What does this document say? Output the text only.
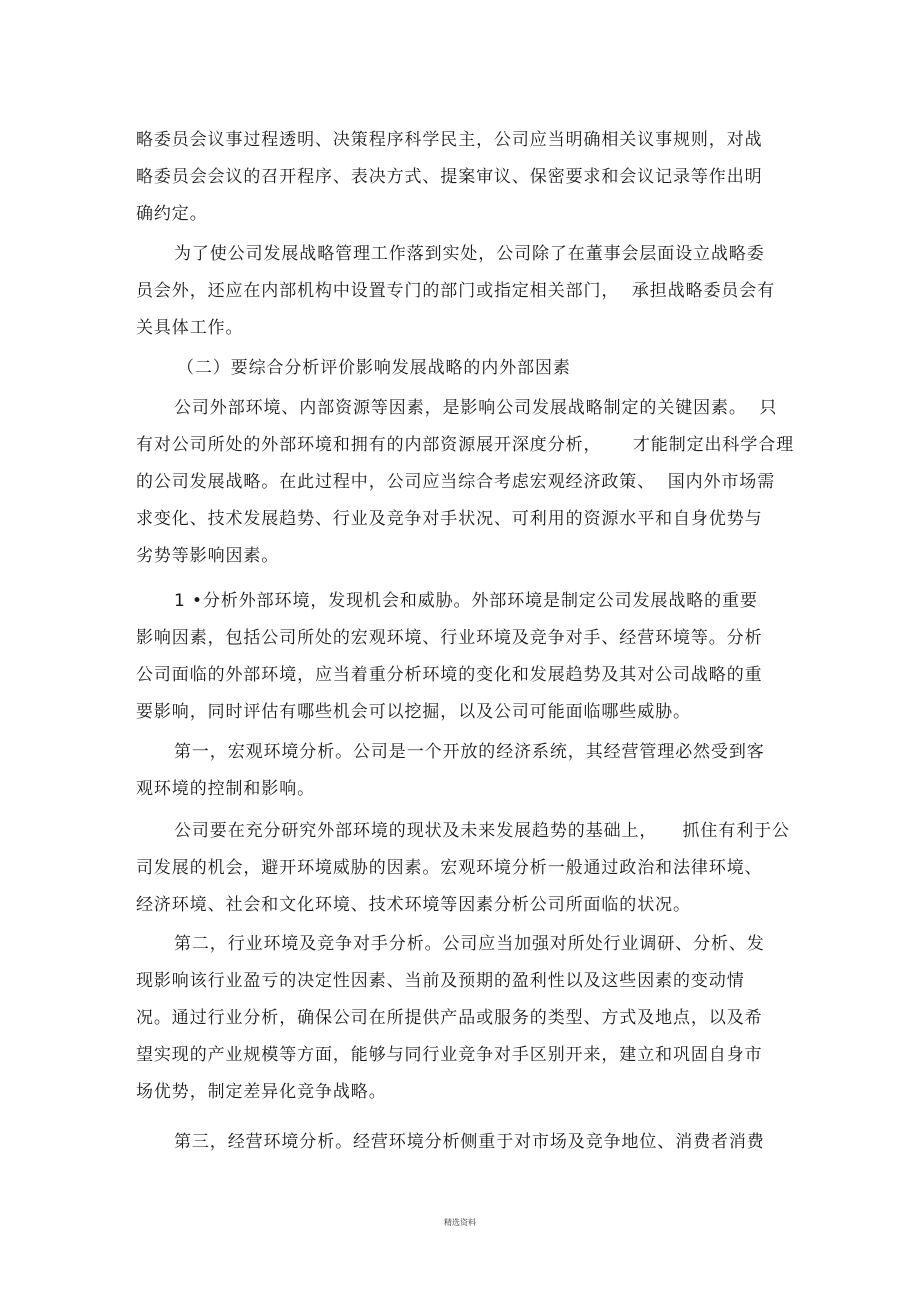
略委员会议事过程透明、决策程序科学民主，公司应当明确相关议事规则，对战
略委员会会议的召开程序、表决方式、提案审议、保密要求和会议记录等作出明
确约定。
为了使公司发展战略管理工作落到实处，公司除了在董事会层面设立战略委
员会外，还应在内部机构中设置专门的部门或指定相关部门，  承担战略委员会有
关具体工作。
（二）要综合分析评价影响发展战略的内外部因素
公司外部环境、内部资源等因素，是影响公司发展战略制定的关键因素。  只
有对公司所处的外部环境和拥有的内部资源展开深度分析，     才能制定出科学合理
的公司发展战略。在此过程中，公司应当综合考虑宏观经济政策、  国内外市场需
求变化、技术发展趋势、行业及竞争对手状况、可利用的资源水平和自身优势与
劣势等影响因素。
1 •分析外部环境，发现机会和威胁。外部环境是制定公司发展战略的重要
影响因素，包括公司所处的宏观环境、行业环境及竞争对手、经营环境等。分析
公司面临的外部环境，应当着重分析环境的变化和发展趋势及其对公司战略的重
要影响，同时评估有哪些机会可以挖掘，以及公司可能面临哪些威胁。
第一，宏观环境分析。公司是一个开放的经济系统，其经营管理必然受到客
观环境的控制和影响。
公司要在充分研究外部环境的现状及未来发展趋势的基础上，    抓住有利于公
司发展的机会，避开环境威胁的因素。宏观环境分析一般通过政治和法律环境、
经济环境、社会和文化环境、技术环境等因素分析公司所面临的状况。
第二，行业环境及竞争对手分析。公司应当加强对所处行业调研、分析、发
现影响该行业盈亏的决定性因素、当前及预期的盈利性以及这些因素的变动情
况。通过行业分析，确保公司在所提供产品或服务的类型、方式及地点，以及希
望实现的产业规模等方面，能够与同行业竞争对手区别开来，建立和巩固自身市
场优势，制定差异化竞争战略。
第三，经营环境分析。经营环境分析侧重于对市场及竞争地位、消费者消费
精选资料
